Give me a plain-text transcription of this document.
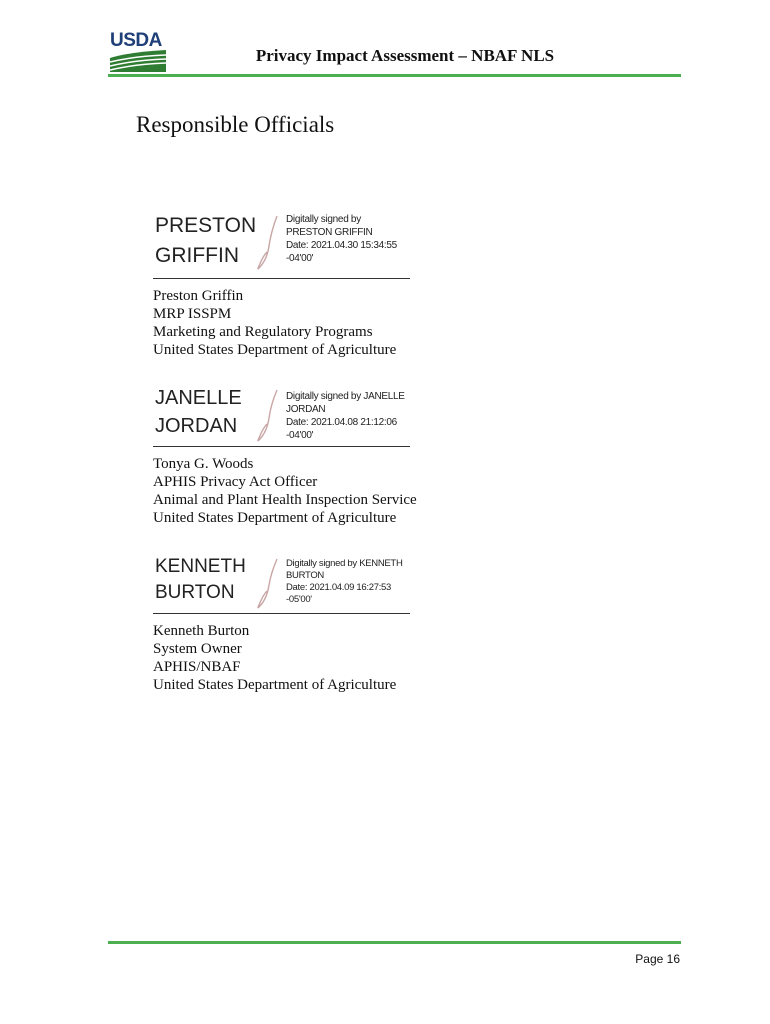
USDA
Privacy Impact Assessment – NBAF NLS
Responsible Officials
PRESTON
GRIFFIN
Digitally signed by
PRESTON GRIFFIN
Date: 2021.04.30 15:34:55
-04'00'
Preston Griffin
MRP ISSPM
Marketing and Regulatory Programs
United States Department of Agriculture
JANELLE
JORDAN
Digitally signed by JANELLE
JORDAN
Date: 2021.04.08 21:12:06
-04'00'
Tonya G. Woods
APHIS Privacy Act Officer
Animal and Plant Health Inspection Service
United States Department of Agriculture
KENNETH
BURTON
Digitally signed by KENNETH
BURTON
Date: 2021.04.09 16:27:53
-05'00'
Kenneth Burton
System Owner
APHIS/NBAF
United States Department of Agriculture
Page 16
